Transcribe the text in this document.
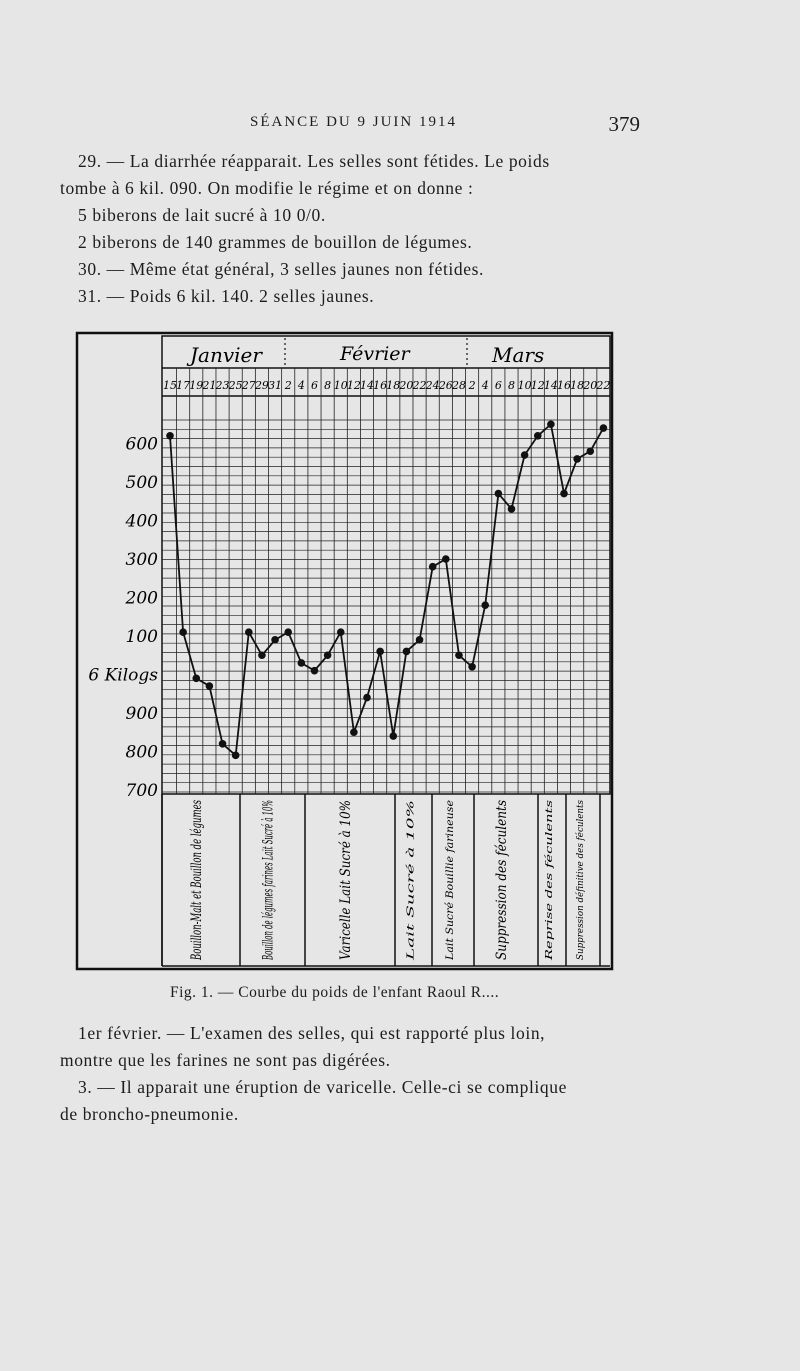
SÉANCE DU 9 JUIN 1914	379
29. — La diarrhée réapparait. Les selles sont fétides. Le poids
tombe à 6 kil. 090. On modifie le régime et on donne :
5 biberons de lait sucré à 10 0/0.
2 biberons de 140 grammes de bouillon de légumes.
30. — Même état général, 3 selles jaunes non fétides.
31. — Poids 6 kil. 140. 2 selles jaunes.
Janvier	Février	Mars
15 17 19 21 23 25 27 29 31 2 4 6 8 10 12 14 16 18 20 22 24 26 28 2 4 6 8 10 12 14 16 18 20 22
600
500
400
300
200
100
6 Kilogs
900
800
700 Bouillon-Malt et Bouillon de légumes	Bouillon de légumes farines Lait Sucré à 10%	Varicelle Lait Sucré à 10%	Lait Sucré à 10%	Lait Sucré Bouillie farineuse	Suppression des féculents	Reprise des féculents Suppression définitive des féculents
Fig. 1. — Courbe du poids de l'enfant Raoul R....
1er février. — L'examen des selles, qui est rapporté plus loin,
montre que les farines ne sont pas digérées.
3. — Il apparait une éruption de varicelle. Celle-ci se complique
de broncho-pneumonie.
